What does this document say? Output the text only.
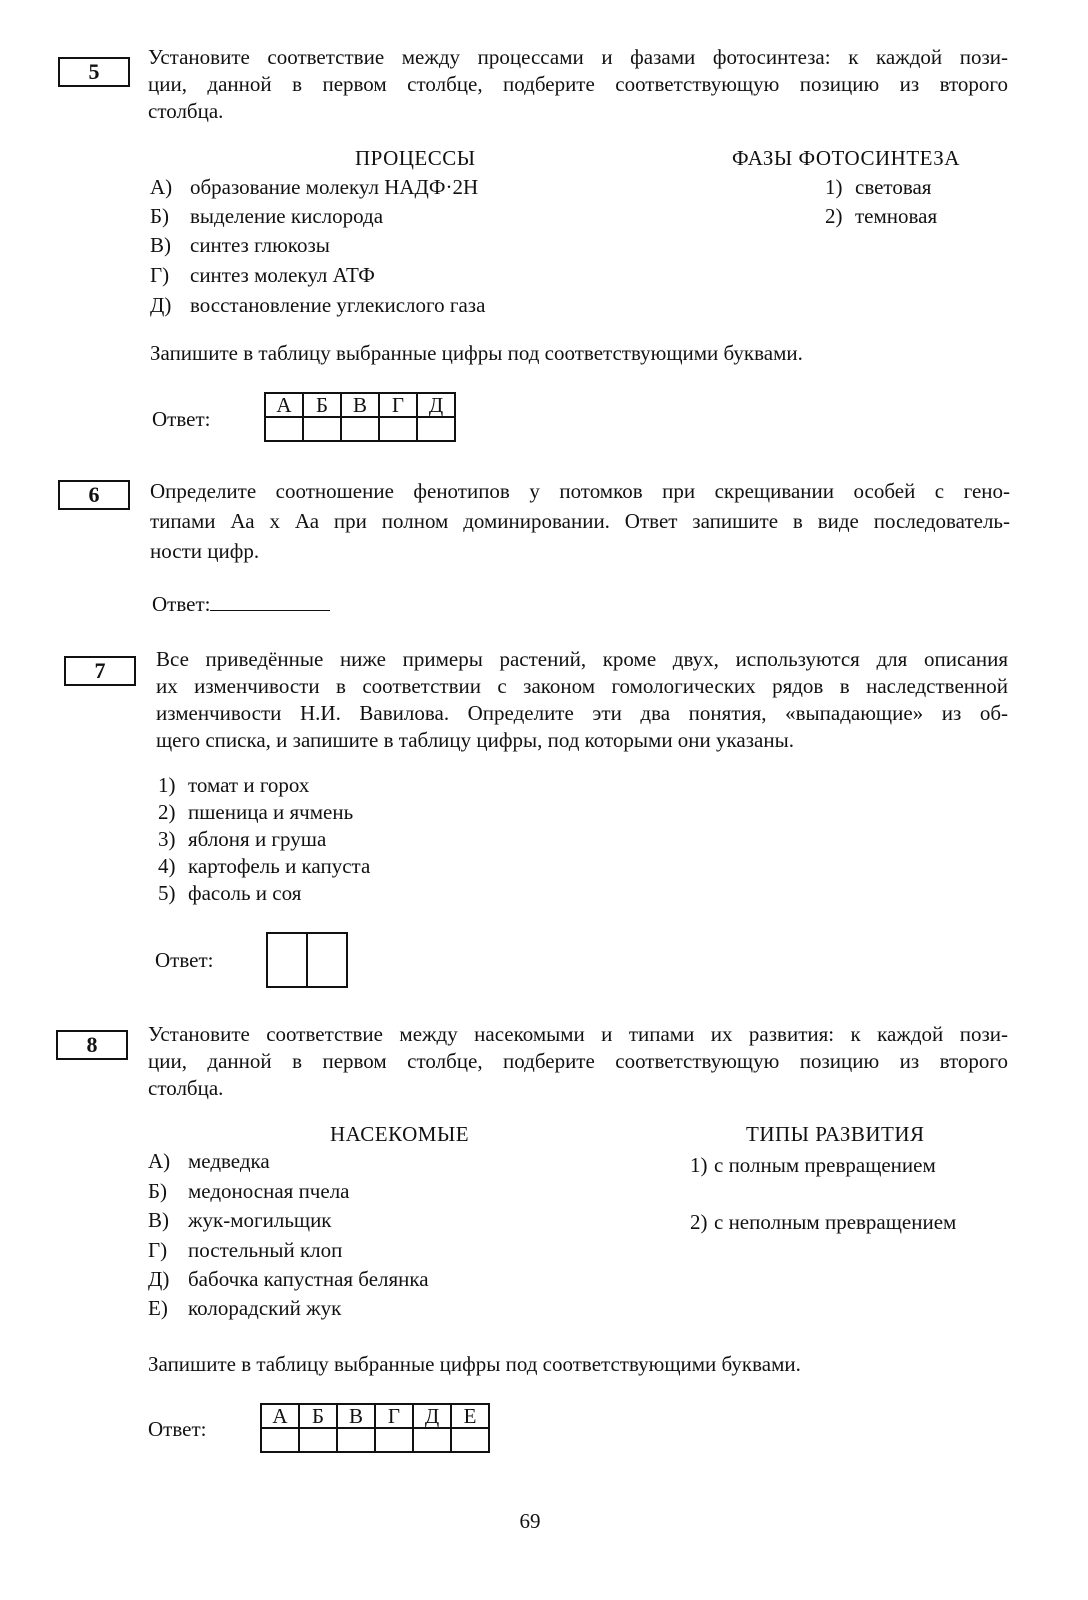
5
Установите соответствие между процессами и фазами фотосинтеза: к каждой пози-
ции, данной в первом столбце, подберите соответствующую позицию из второго
столбца.
ПРОЦЕССЫ	ФАЗЫ ФОТОСИНТЕЗА
А) образование молекул НАДФ·2Н
Б) выделение кислорода
В) синтез глюкозы
Г) синтез молекул АТФ
Д) восстановление углекислого газа
1) световая
2) темновая
Запишите в таблицу выбранные цифры под соответствующими буквами.
Ответ:
А	Б	В	Г	Д

6	Определите соотношение фенотипов у потомков при скрещивании особей с гено-
типами Аа х Аа при полном доминировании. Ответ запишите в виде последователь-
ности цифр.
Ответ:
7	Все приведённые ниже примеры растений, кроме двух, используются для описания
их изменчивости в соответствии с законом гомологических рядов в наследственной
изменчивости Н.И. Вавилова. Определите эти два понятия, «выпадающие» из об-
щего списка, и запишите в таблицу цифры, под которыми они указаны.
1) томат и горох
2) пшеница и ячмень
3) яблоня и груша
4) картофель и капуста
5) фасоль и соя
Ответ:

8	Установите соответствие между насекомыми и типами их развития: к каждой пози-
ции, данной в первом столбце, подберите соответствующую позицию из второго
столбца.
НАСЕКОМЫЕ	ТИПЫ РАЗВИТИЯ
А) медведка
Б) медоносная пчела
В) жук-могильщик
Г) постельный клоп
Д) бабочка капустная белянка
Е) колорадский жук
1) с полным превращением
2) с неполным превращением
Запишите в таблицу выбранные цифры под соответствующими буквами.
Ответ:
А	Б	В	Г	Д	Е

69
